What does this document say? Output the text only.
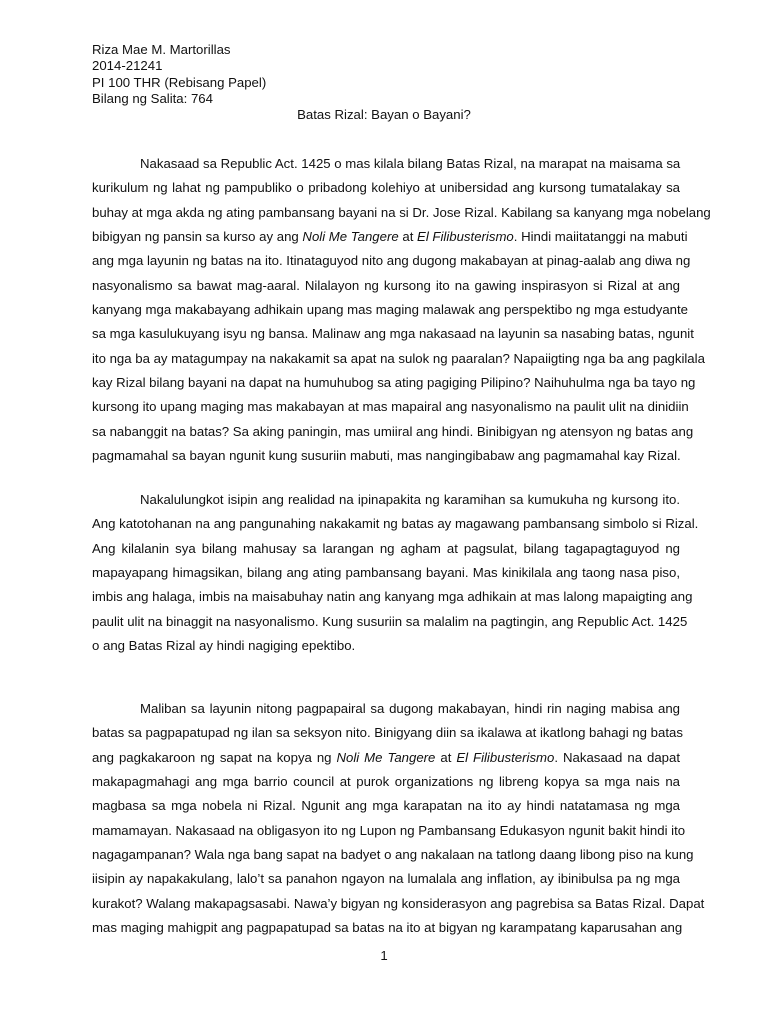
Riza Mae M. Martorillas
2014-21241
PI 100 THR (Rebisang Papel)
Bilang ng Salita: 764
Batas Rizal: Bayan o Bayani?
Nakasaad sa Republic Act. 1425 o mas kilala bilang Batas Rizal, na marapat na maisama sa
kurikulum ng lahat ng pampubliko o pribadong kolehiyo at unibersidad ang kursong tumatalakay sa
buhay at mga akda ng ating pambansang bayani na si Dr. Jose Rizal. Kabilang sa kanyang mga nobelang
bibigyan ng pansin sa kurso ay ang Noli Me Tangere at El Filibusterismo. Hindi maiitatanggi na mabuti
ang mga layunin ng batas na ito. Itinataguyod nito ang dugong makabayan at pinag-aalab ang diwa ng
nasyonalismo sa bawat mag-aaral. Nilalayon ng kursong ito na gawing inspirasyon si Rizal at ang
kanyang mga makabayang adhikain upang mas maging malawak ang perspektibo ng mga estudyante
sa mga kasulukuyang isyu ng bansa. Malinaw ang mga nakasaad na layunin sa nasabing batas, ngunit
ito nga ba ay matagumpay na nakakamit sa apat na sulok ng paaralan? Napaiigting nga ba ang pagkilala
kay Rizal bilang bayani na dapat na humuhubog sa ating pagiging Pilipino? Naihuhulma nga ba tayo ng
kursong ito upang maging mas makabayan at mas mapairal ang nasyonalismo na paulit ulit na dinidiin
sa nabanggit na batas? Sa aking paningin, mas umiiral ang hindi. Binibigyan ng atensyon ng batas ang
pagmamahal sa bayan ngunit kung susuriin mabuti, mas nangingibabaw ang pagmamahal kay Rizal.
Nakalulungkot isipin ang realidad na ipinapakita ng karamihan sa kumukuha ng kursong ito.
Ang katotohanan na ang pangunahing nakakamit ng batas ay magawang pambansang simbolo si Rizal.
Ang kilalanin sya bilang mahusay sa larangan ng agham at pagsulat, bilang tagapagtaguyod ng
mapayapang himagsikan, bilang ang ating pambansang bayani. Mas kinikilala ang taong nasa piso,
imbis ang halaga, imbis na maisabuhay natin ang kanyang mga adhikain at mas lalong mapaigting ang
paulit ulit na binaggit na nasyonalismo. Kung susuriin sa malalim na pagtingin, ang Republic Act. 1425
o ang Batas Rizal ay hindi nagiging epektibo.
Maliban sa layunin nitong pagpapairal sa dugong makabayan, hindi rin naging mabisa ang
batas sa pagpapatupad ng ilan sa seksyon nito. Binigyang diin sa ikalawa at ikatlong bahagi ng batas
ang pagkakaroon ng sapat na kopya ng Noli Me Tangere at El Filibusterismo. Nakasaad na dapat
makapagmahagi ang mga barrio council at purok organizations ng libreng kopya sa mga nais na
magbasa sa mga nobela ni Rizal. Ngunit ang mga karapatan na ito ay hindi natatamasa ng mga
mamamayan. Nakasaad na obligasyon ito ng Lupon ng Pambansang Edukasyon ngunit bakit hindi ito
nagagampanan? Wala nga bang sapat na badyet o ang nakalaan na tatlong daang libong piso na kung
iisipin ay napakakulang, lalo’t sa panahon ngayon na lumalala ang inflation, ay ibinibulsa pa ng mga
kurakot? Walang makapagsasabi. Nawa’y bigyan ng konsiderasyon ang pagrebisa sa Batas Rizal. Dapat
mas maging mahigpit ang pagpapatupad sa batas na ito at bigyan ng karampatang kaparusahan ang
1
